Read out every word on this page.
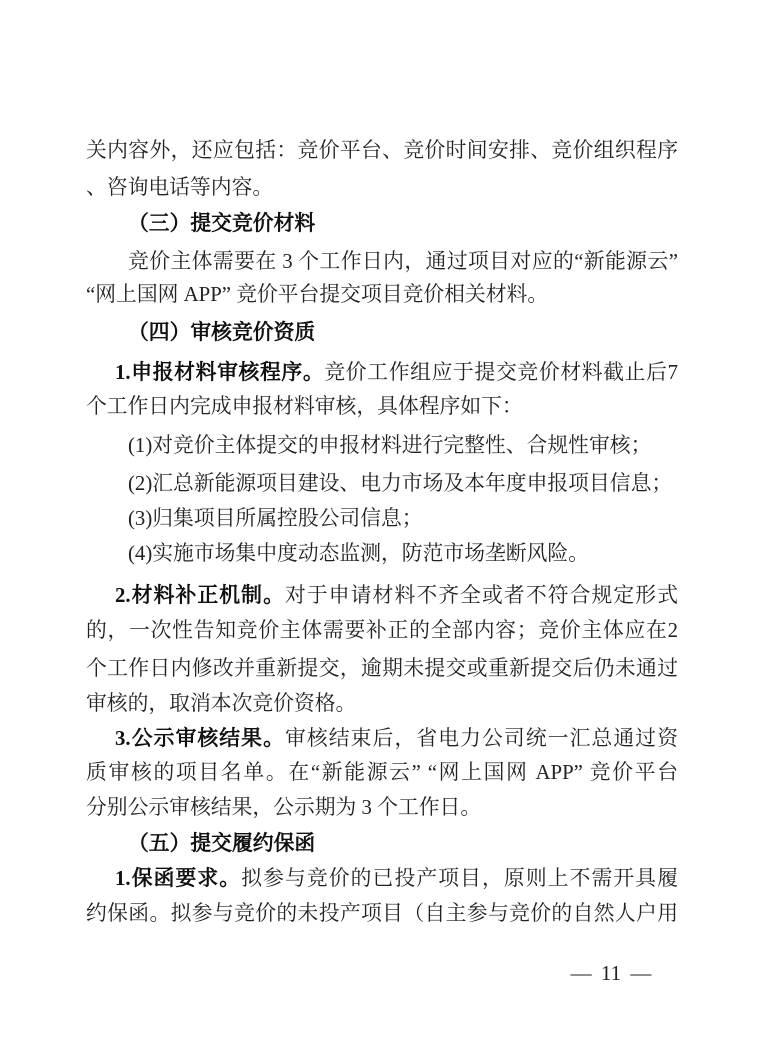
关内容外，还应包括：竞价平台、竞价时间安排、竞价组织程序
、咨询电话等内容。
（三）提交竞价材料
竞价主体需要在 3 个工作日内，通过项目对应的“新能源云”
“网上国网 APP” 竞价平台提交项目竞价相关材料。
（四）审核竞价资质
1.申报材料审核程序。竞价工作组应于提交竞价材料截止后7
个工作日内完成申报材料审核，具体程序如下：
(1)对竞价主体提交的申报材料进行完整性、合规性审核；
(2)汇总新能源项目建设、电力市场及本年度申报项目信息；
(3)归集项目所属控股公司信息；
(4)实施市场集中度动态监测，防范市场垄断风险。
2.材料补正机制。对于申请材料不齐全或者不符合规定形式
的，一次性告知竞价主体需要补正的全部内容；竞价主体应在2
个工作日内修改并重新提交，逾期未提交或重新提交后仍未通过
审核的，取消本次竞价资格。
3.公示审核结果。审核结束后，省电力公司统一汇总通过资
质审核的项目名单。在“新能源云” “网上国网 APP” 竞价平台
分别公示审核结果，公示期为 3 个工作日。
（五）提交履约保函
1.保函要求。拟参与竞价的已投产项目，原则上不需开具履
约保函。拟参与竞价的未投产项目（自主参与竞价的自然人户用
— 11 —
